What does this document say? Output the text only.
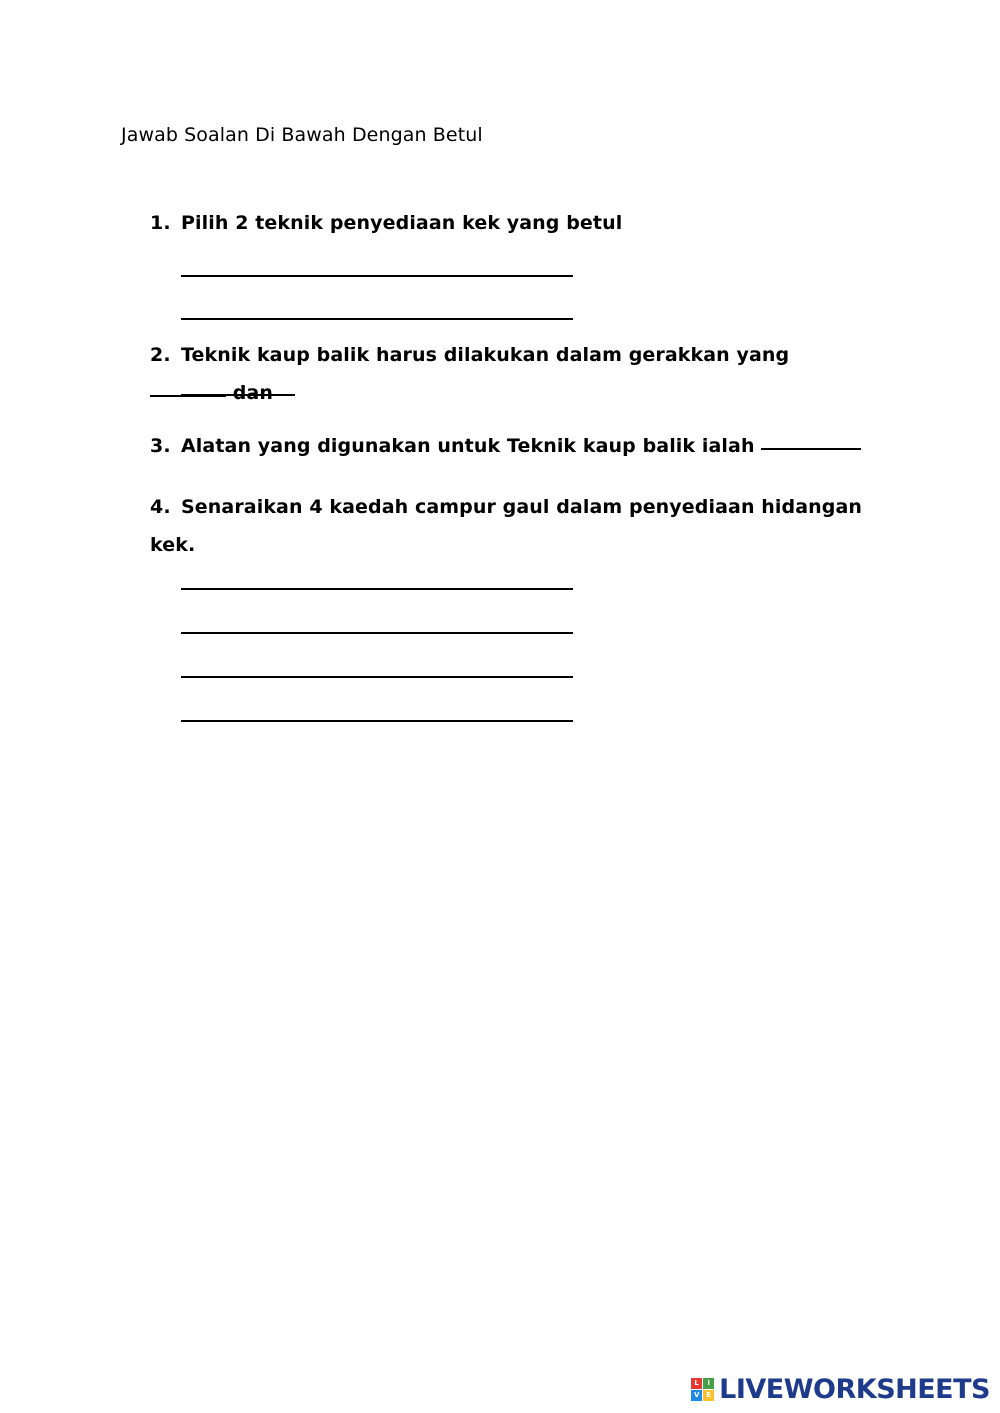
Jawab Soalan Di Bawah Dengan Betul
1. Pilih 2 teknik penyediaan kek yang betul
2. Teknik kaup balik harus dilakukan dalam gerakkan yang  dan
3. Alatan yang digunakan untuk Teknik kaup balik ialah
4. Senaraikan 4 kaedah campur gaul dalam penyediaan hidangan kek.
L	I
V E LIVEWORKSHEETS
